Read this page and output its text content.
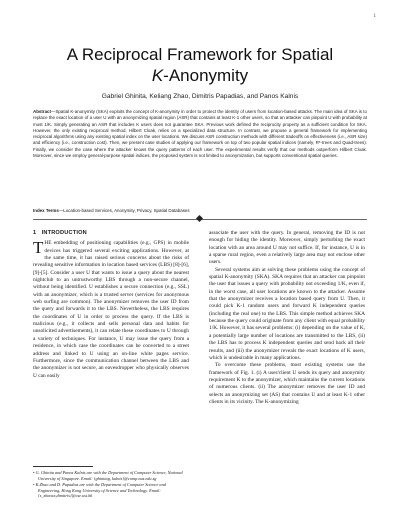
1
A Reciprocal Framework for Spatial
K-Anonymity
Gabriel Ghinita, Keliang Zhao, Dimitris Papadias, and Panos Kalnis
Abstract—Spatial K-anonymity (SKA) exploits the concept of K-anonymity in order to protect the identity of users from location-based attacks. The main idea of SKA is to replace the exact location of a user U with an anonymizing spatial region (ASR) that contains at least K-1 other users, so that an attacker can pinpoint U with probability at most 1/K. Simply generating an ASR that includes K users does not guarantee SKA. Previous work defined the reciprocity property as a sufficient condition for SKA. However, the only existing reciprocal method, Hilbert Cloak, relies on a specialized data structure. In contrast, we propose a general framework for implementing reciprocal algorithms using any existing spatial index on the user locations. We discuss ASR construction methods with different tradeoffs on effectiveness (i.e., ASR size) and efficiency (i.e., construction cost). Then, we present case studies of applying our framework on top of two popular spatial indices (namely, R*-trees and Quad-trees). Finally, we consider the case where the attacker knows the query patterns of each user. The experimental results verify that our methods outperform Hilbert Cloak. Moreover, since we employ general-purpose spatial indices, the proposed system is not limited to anonymization, but supports conventional spatial queries.
Index Terms—Location-based Services, Anonymity, Privacy, Spatial Databases
1 INTRODUCTION

THE embedding of positioning capabilities (e.g., GPS) in mobile devices has triggered several exciting applications. However, at the same time, it has raised serious concerns about the risks of revealing sensitive information in location based services (LBS) [8]-[6], [9]-[5]. Consider a user U that wants to issue a query about the nearest nightclub to an untrustworthy LBS through a non-secure channel, without being identified. U establishes a secure connection (e.g., SSL) with an anonymizer, which is a trusted server (services for anonymous web surfing are common). The anonymizer removes the user ID from the query and forwards it to the LBS. Nevertheless, the LBS requires the coordinates of U in order to process the query. If the LBS is malicious (e.g., it collects and sells personal data and habits for unsolicited advertisements), it can relate these coordinates to U through a variety of techniques. For instance, U may issue the query from a residence, in which case the coordinates can be converted to a street address and linked to U using an on-line white pages service. Furthermore, since the communication channel between the LBS and the anonymizer is not secure, an eavesdropper who physically observes U can easily

associate the user with the query. In general, removing the ID is not enough for hiding the identity. Moreover, simply perturbing the exact location with an area around U may not suffice. If, for instance, U is in a sparse rural region, even a relatively large area may not enclose other users.

Several systems aim at solving these problems using the concept of spatial K-anonymity (SKA). SKA requires that an attacker can pinpoint the user that issues a query with probability not exceeding 1/K, even if, in the worst case, all user locations are known to the attacker. Assume that the anonymizer receives a location based query from U. Then, it could pick K-1 random users and forward K independent queries (including the real one) to the LBS. This simple method achieves SKA because the query could originate from any client with equal probability 1/K. However, it has several problems: (i) depending on the value of K, a potentially large number of locations are transmitted to the LBS, (ii) the LBS has to process K independent queries and send back all their results, and (iii) the anonymizer reveals the exact locations of K users, which is undesirable in many applications.

To overcome these problems, most existing systems use the framework of Fig. 1. (i) A user/client U sends its query and anonymity requirement K to the anonymizer, which maintains the current locations of numerous clients. (ii) The anonymizer removes the user ID and selects an anonymizing set (AS) that contains U and at least K-1 other clients in its vicinity. The K-anonymizing

• G. Ghinita and Panos Kalnis are with the Department of Computer Science, National University of Singapore. Email: {ghinitag, kalnis}@comp.nus.edu.sg

• K.Zhao and D. Papadias are with the Department of Computer Science and Engineering, Hong Kong University of Science and Technology. Email: {s_zhaoxx,dimitris}@cse.ust.hk
